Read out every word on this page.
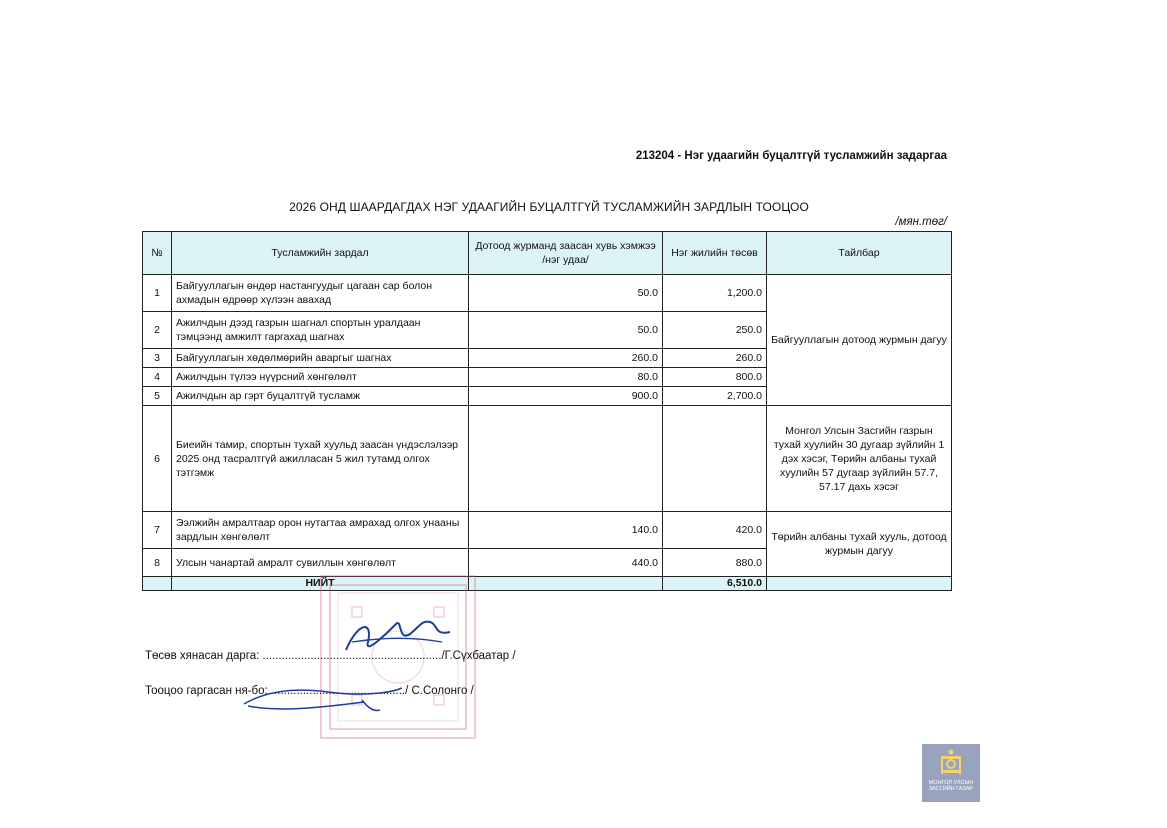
213204 - Нэг удаагийн буцалтгүй тусламжийн задаргаа
2026 ОНД ШААРДАГДАХ НЭГ УДААГИЙН БУЦАЛТГҮЙ ТУСЛАМЖИЙН ЗАРДЛЫН ТООЦОО
/мян.төг/
№	Тусламжийн зардал	Дотоод журманд заасан хувь хэмжээ /нэг удаа/	Нэг жилийн төсөв	Тайлбар
1	Байгууллагын өндөр настангуудыг цагаан сар болон ахмадын өдрөөр хүлээн авахад	50.0	1,200.0	Байгууллагын дотоод журмын дагуу
2	Ажилчдын дээд газрын шагнал спортын уралдаан тэмцээнд амжилт гаргахад шагнах	50.0	250.0	
3	Байгууллагын хөдөлмөрийн аваргыг шагнах	260.0	260.0	
4	Ажилчдын түлээ нүүрсний хөнгөлөлт	80.0	800.0	
5	Ажилчдын ар гэрт буцалтгүй тусламж	900.0	2,700.0	
6	Биеийн тамир, спортын тухай хуульд заасан үндэслэлээр 2025 онд тасралтгүй ажилласан 5 жил тутамд олгох тэтгэмж			Монгол Улсын Засгийн газрын тухай хуулийн 30 дугаар зүйлийн 1 дэх хэсэг, Төрийн албаны тухай хуулийн 57 дугаар зүйлийн 57.7, 57.17 дахь хэсэг
7	Ээлжийн амралтаар орон нутагтаа амрахад олгох унааны зардлын хөнгөлөлт	140.0	420.0	Төрийн албаны тухай хууль, дотоод журмын дагуу
8	Улсын чанартай амралт сувиллын хөнгөлөлт	440.0	880.0	
	НИЙТ		6,510.0	
Төсөв хянасан дарга: ......................................................../Г.Сүхбаатар /
Тооцоо гаргасан ня-бо: ........................................../ С.Солонго /
МОНГОЛ УЛСЫН
ЗАСГИЙН ГАЗАР
